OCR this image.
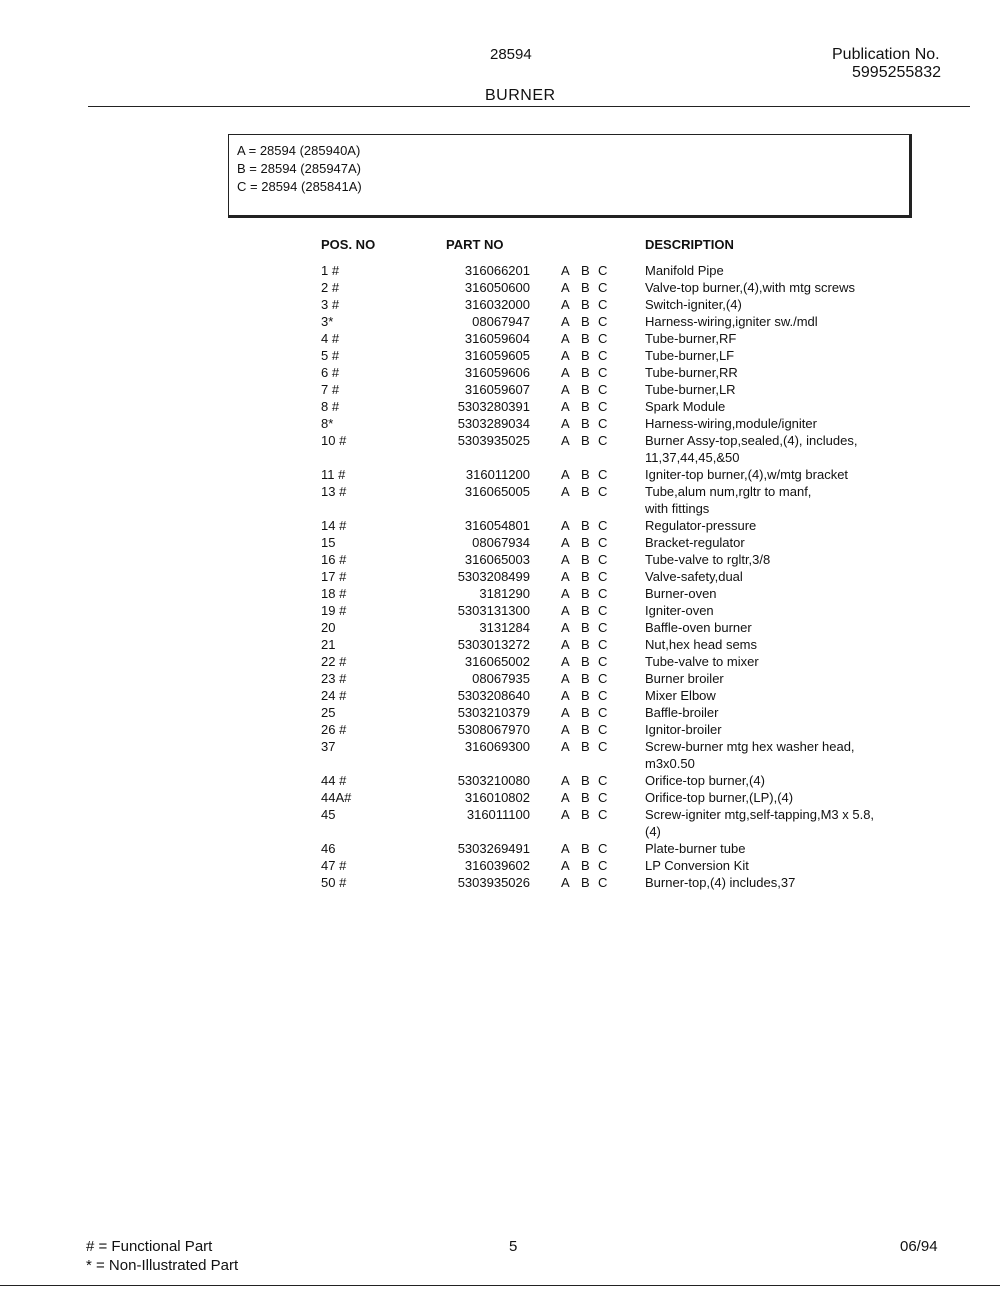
28594	Publication No.
5995255832
BURNER
A = 28594 (285940A)
B = 28594 (285947A)
C = 28594 (285841A)
POS. NO	PART NO	DESCRIPTION
1 #	316066201 A B C	Manifold Pipe
2 #	316050600 A B C	Valve-top burner,(4),with mtg screws
3 #	316032000 A B C	Switch-igniter,(4)
3*	08067947 A B C	Harness-wiring,igniter sw./mdl
4 #	316059604 A B C	Tube-burner,RF
5 #	316059605 A B C	Tube-burner,LF
6 #	316059606 A B C	Tube-burner,RR
7 #	316059607 A B C	Tube-burner,LR
8 #	5303280391 A B C	Spark Module
8*	5303289034 A B C	Harness-wiring,module/igniter
10 #	5303935025 A B C	Burner Assy-top,sealed,(4), includes,
11,37,44,45,&50
11 #	316011200 A B C	Igniter-top burner,(4),w/mtg bracket
13 #	316065005 A B C	Tube,alum num,rgltr to manf,
with fittings
14 #	316054801 A B C	Regulator-pressure
15	08067934 A B C	Bracket-regulator
16 #	316065003 A B C	Tube-valve to rgltr,3/8
17 #	5303208499 A B C	Valve-safety,dual
18 #	3181290 A B C	Burner-oven
19 #	5303131300 A B C	Igniter-oven
20	3131284 A B C	Baffle-oven burner
21	5303013272 A B C	Nut,hex head sems
22 #	316065002 A B C	Tube-valve to mixer
23 #	08067935 A B C	Burner broiler
24 #	5303208640 A B C	Mixer Elbow
25	5303210379 A B C	Baffle-broiler
26 #	5308067970 A B C	Ignitor-broiler
37	316069300 A B C	Screw-burner mtg hex washer head,
m3x0.50
44 #	5303210080 A B C	Orifice-top burner,(4)
44A#	316010802 A B C	Orifice-top burner,(LP),(4)
45	316011100 A B C	Screw-igniter mtg,self-tapping,M3 x 5.8,
(4)
46	5303269491 A B C	Plate-burner tube
47 #	316039602 A B C	LP Conversion Kit
50 #	5303935026 A B C	Burner-top,(4) includes,37
# = Functional Part
* = Non-Illustrated Part
5	06/94
